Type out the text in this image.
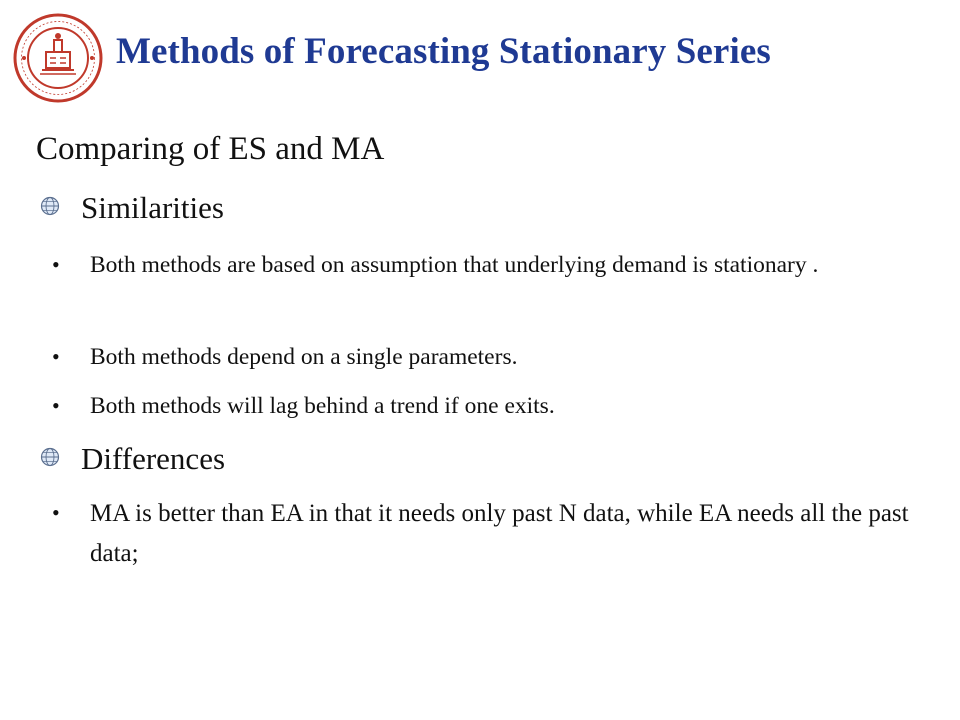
Methods of Forecasting Stationary Series
Comparing of ES and MA
Similarities
• Both methods are based on assumption that underlying demand is stationary .
• Both methods depend on a single parameters.
• Both methods will lag behind a trend if one exits.
Differences
• MA is better than EA in that it needs only past N data, while EA needs all the past data;
